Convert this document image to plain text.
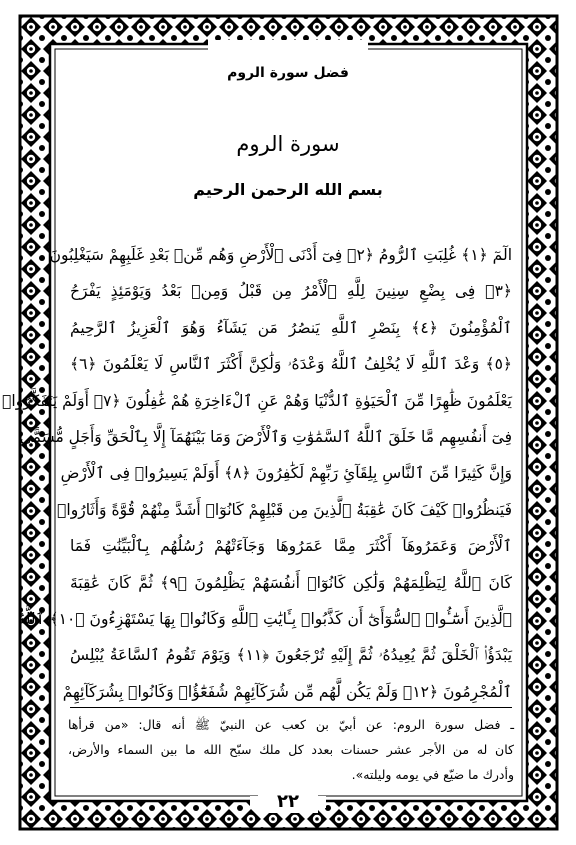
فضل سورة الروم
سورة الروم
بسم الله الرحمن الرحيم
الٓمٓ ﴿١﴾ غُلِبَتِ ٱلرُّومُ ﴿٢﴾ فِىٓ أَدْنَى ٱلْأَرْضِ وَهُم مِّنۢ بَعْدِ غَلَبِهِمْ سَيَغْلِبُونَ
﴿٣﴾ فِى بِضْعِ سِنِينَ لِلَّهِ ٱلْأَمْرُ مِن قَبْلُ وَمِنۢ بَعْدُ وَيَوْمَئِذٍ يَفْرَحُ
ٱلْمُؤْمِنُونَ ﴿٤﴾ بِنَصْرِ ٱللَّهِ يَنصُرُ مَن يَشَآءُ وَهُوَ ٱلْعَزِيزُ ٱلرَّحِيمُ
﴿٥﴾ وَعْدَ ٱللَّهِ لَا يُخْلِفُ ٱللَّهُ وَعْدَهُۥ وَلَٰكِنَّ أَكْثَرَ ٱلنَّاسِ لَا يَعْلَمُونَ ﴿٦﴾
يَعْلَمُونَ ظَٰهِرًا مِّنَ ٱلْحَيَوٰةِ ٱلدُّنْيَا وَهُمْ عَنِ ٱلْءَاخِرَةِ هُمْ غَٰفِلُونَ ﴿٧﴾ أَوَلَمْ يَتَفَكَّرُوا۟
فِىٓ أَنفُسِهِم مَّا خَلَقَ ٱللَّهُ ٱلسَّمَٰوَٰتِ وَٱلْأَرْضَ وَمَا بَيْنَهُمَآ إِلَّا بِٱلْحَقِّ وَأَجَلٍ مُّسَمًّى
وَإِنَّ كَثِيرًا مِّنَ ٱلنَّاسِ بِلِقَآئِ رَبِّهِمْ لَكَٰفِرُونَ ﴿٨﴾ أَوَلَمْ يَسِيرُوا۟ فِى ٱلْأَرْضِ
فَيَنظُرُوا۟ كَيْفَ كَانَ عَٰقِبَةُ ٱلَّذِينَ مِن قَبْلِهِمْ كَانُوٓا۟ أَشَدَّ مِنْهُمْ قُوَّةً وَأَثَارُوا۟
ٱلْأَرْضَ وَعَمَرُوهَآ أَكْثَرَ مِمَّا عَمَرُوهَا وَجَآءَتْهُمْ رُسُلُهُم بِٱلْبَيِّنَٰتِ فَمَا
كَانَ ٱللَّهُ لِيَظْلِمَهُمْ وَلَٰكِن كَانُوٓا۟ أَنفُسَهُمْ يَظْلِمُونَ ﴿٩﴾ ثُمَّ كَانَ عَٰقِبَةَ
ٱلَّذِينَ أَسَٰٓـُٔوا۟ ٱلسُّوٓأَىٰٓ أَن كَذَّبُوا۟ بِـَٔايَٰتِ ٱللَّهِ وَكَانُوا۟ بِهَا يَسْتَهْزِءُونَ ﴿١٠﴾ ٱللَّهُ
يَبْدَؤُا۟ ٱلْخَلْقَ ثُمَّ يُعِيدُهُۥ ثُمَّ إِلَيْهِ تُرْجَعُونَ ﴿١١﴾ وَيَوْمَ تَقُومُ ٱلسَّاعَةُ يُبْلِسُ
ٱلْمُجْرِمُونَ ﴿١٢﴾ وَلَمْ يَكُن لَّهُم مِّن شُرَكَآئِهِمْ شُفَعَٰٓؤُا۟ وَكَانُوا۟ بِشُرَكَآئِهِمْ
ـ فضل سورة الروم: عن أبيّ بن كعب عن النبيّ ﷺ أنه قال: «من قرأها
كان له من الأجر عشر حسنات بعدد كل ملك سبّح الله ما بين السماء والأرض،
وأدرك ما ضيّع في يومه وليلته».
٢٢
